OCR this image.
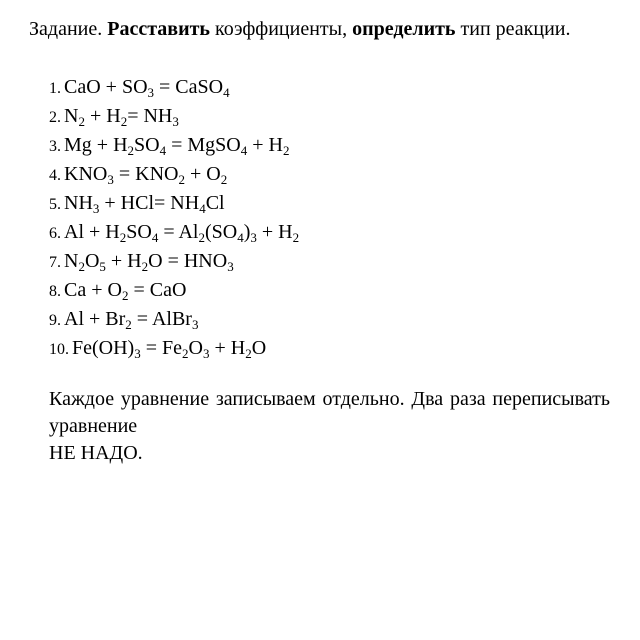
Задание. Расставить коэффициенты, определить тип реакции.
1. CaO + $SO_3$ = CaSO$_4$
2. $N_2 + H_2= NH_3$
3. $Mg + H_2SO_4$ = MgSO$_4$ + $H_2$
4. $KNO_3 = KNO_2 + O_2$
5. $NH_3 + HCl= NH_4Cl$
6. $Al + H_2SO_4 = Al_2(SO_4)_3 + H_2$
7. $N_2O_5 + H_2O = HNO_3$
8. $Ca + O_2$ = CaO
9. $Al + Br_2$ = AlBr$_3$
10. $Fe(OH)_3 = Fe_2O_3 + H_2O$
Каждое уравнение записываем отдельно. Два раза переписывать уравнение
НЕ НАДО.
